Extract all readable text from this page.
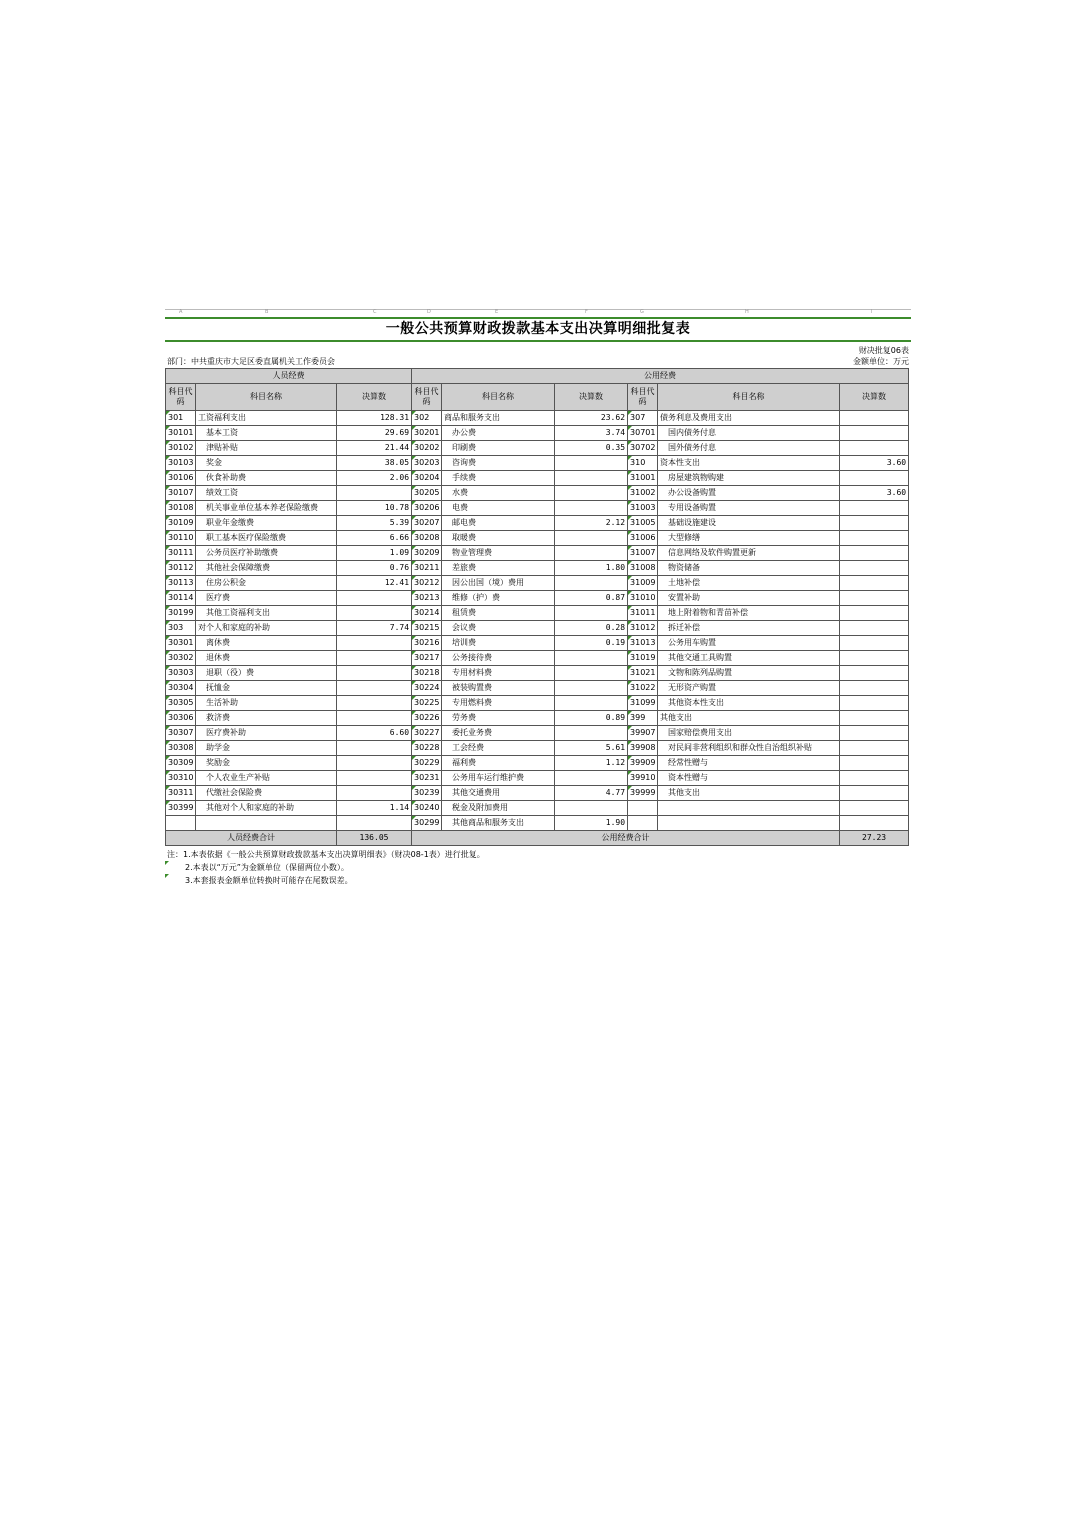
A	B	C	D	E	F	G	H	I
一般公共预算财政拨款基本支出决算明细批复表
财决批复06表
部门：中共重庆市大足区委直属机关工作委员会	金额单位：万元
人员经费			公用经费					
科目代码	科目名称	决算数	科目代码	科目名称	决算数	科目代码	科目名称	决算数
301	工资福利支出	128.31	302	商品和服务支出	23.62	307	债务利息及费用支出	
30101	基本工资	29.69	30201	办公费	3.74	30701	国内债务付息	
30102	津贴补贴	21.44	30202	印刷费	0.35	30702	国外债务付息	
30103	奖金	38.05	30203	咨询费		310	资本性支出	3.60
30106	伙食补助费	2.06	30204	手续费		31001	房屋建筑物购建	
30107	绩效工资		30205	水费		31002	办公设备购置	3.60
30108	机关事业单位基本养老保险缴费	10.78	30206	电费		31003	专用设备购置	
30109	职业年金缴费	5.39	30207	邮电费	2.12	31005	基础设施建设	
30110	职工基本医疗保险缴费	6.66	30208	取暖费		31006	大型修缮	
30111	公务员医疗补助缴费	1.09	30209	物业管理费		31007	信息网络及软件购置更新	
30112	其他社会保障缴费	0.76	30211	差旅费	1.80	31008	物资储备	
30113	住房公积金	12.41	30212	因公出国（境）费用		31009	土地补偿	
30114	医疗费		30213	维修（护）费	0.87	31010	安置补助	
30199	其他工资福利支出		30214	租赁费		31011	地上附着物和青苗补偿	
303	对个人和家庭的补助	7.74	30215	会议费	0.28	31012	拆迁补偿	
30301	离休费		30216	培训费	0.19	31013	公务用车购置	
30302	退休费		30217	公务接待费		31019	其他交通工具购置	
30303	退职（役）费		30218	专用材料费		31021	文物和陈列品购置	
30304	抚恤金		30224	被装购置费		31022	无形资产购置	
30305	生活补助		30225	专用燃料费		31099	其他资本性支出	
30306	救济费		30226	劳务费	0.89	399	其他支出	
30307	医疗费补助	6.60	30227	委托业务费		39907	国家赔偿费用支出	
30308	助学金		30228	工会经费	5.61	39908	对民间非营利组织和群众性自治组织补贴	
30309	奖励金		30229	福利费	1.12	39909	经常性赠与	
30310	个人农业生产补贴		30231	公务用车运行维护费		39910	资本性赠与	
30311	代缴社会保险费		30239	其他交通费用	4.77	39999	其他支出	
30399	其他对个人和家庭的补助	1.14	30240	税金及附加费用				
			30299	其他商品和服务支出	1.90			
人员经费合计		136.05	公用经费合计					27.23
注：1.本表依据《一般公共预算财政拨款基本支出决算明细表》（财决08-1表）进行批复。
2.本表以“万元”为金额单位（保留两位小数）。
3.本套报表金额单位转换时可能存在尾数误差。
